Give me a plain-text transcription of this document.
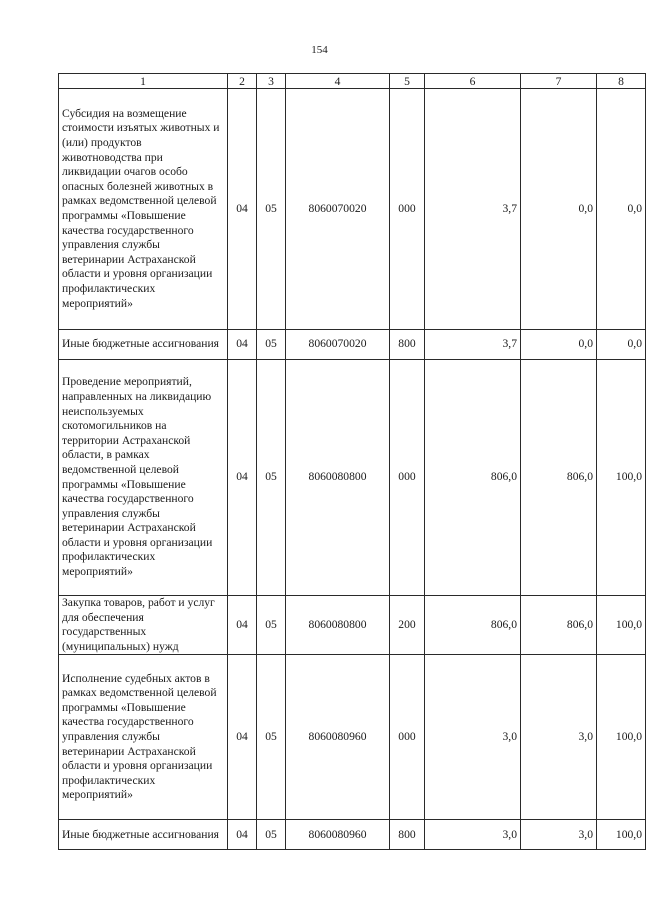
154
1	2	3	4	5	6	7	8
Субсидия на возмещение стоимости изъятых животных и (или) продуктов животноводства при ликвидации очагов особо опасных болезней животных в рамках ведомственной целевой программы «Повышение качества государственного управления службы ветеринарии Астраханской области и уровня организации профилактических мероприятий»	04	05	8060070020	000	3,7	0,0	0,0
Иные бюджетные ассигнования	04	05	8060070020	800	3,7	0,0	0,0
Проведение мероприятий, направленных на ликвидацию неиспользуемых скотомогильников на территории Астраханской области, в рамках ведомственной целевой программы «Повышение качества государственного управления службы ветеринарии Астраханской области и уровня организации профилактических мероприятий»	04	05	8060080800	000	806,0	806,0	100,0
Закупка товаров, работ и услуг для обеспечения государственных (муниципальных) нужд	04	05	8060080800	200	806,0	806,0	100,0
Исполнение судебных актов в рамках ведомственной целевой программы «Повышение качества государственного управления службы ветеринарии Астраханской области и уровня организации профилактических мероприятий»	04	05	8060080960	000	3,0	3,0	100,0
Иные бюджетные ассигнования	04	05	8060080960	800	3,0	3,0	100,0
